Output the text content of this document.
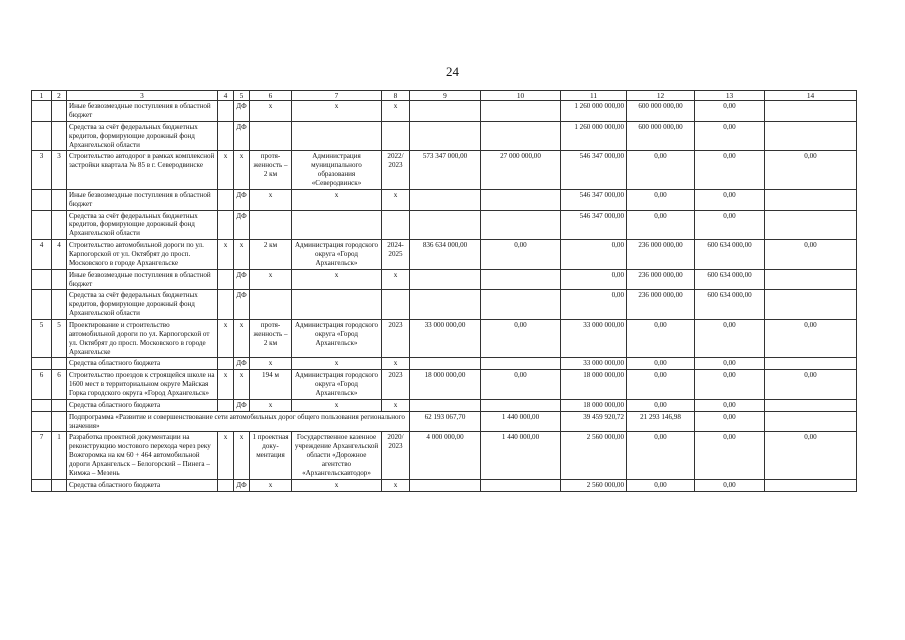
24
1	2	3	4	5	6	7	8	9	10	11	12	13	14
		Иные безвозмездные поступления в областной бюджет		ДФ	х	х	х			1 260 000 000,00	600 000 000,00	0,00	
		Средства за счёт федеральных бюджетных кредитов, формирующие дорожный фонд Архангельской области		ДФ						1 260 000 000,00	600 000 000,00	0,00	
3	3	Строительство автодорог в рамках комплексной застройки квартала № 85 в г. Северодвинске	х	х	протя-женность – 2 км	Администрация муниципального образования «Северодвинск»	2022/ 2023	573 347 000,00	27 000 000,00	546 347 000,00	0,00	0,00	0,00
		Иные безвозмездные поступления в областной бюджет		ДФ	х	х	х			546 347 000,00	0,00	0,00	
		Средства за счёт федеральных бюджетных кредитов, формирующие дорожный фонд Архангельской области		ДФ						546 347 000,00	0,00	0,00	
4	4	Строительство автомобильной дороги по ул. Карпогорской от ул. Октябрят до просп. Московского в городе Архангельске	х	х	2 км	Администрация городского округа «Город Архангельск»	2024-2025	836 634 000,00	0,00	0,00	236 000 000,00	600 634 000,00	0,00
		Иные безвозмездные поступления в областной бюджет		ДФ	х	х	х			0,00	236 000 000,00	600 634 000,00	
		Средства за счёт федеральных бюджетных кредитов, формирующие дорожный фонд Архангельской области		ДФ						0,00	236 000 000,00	600 634 000,00	
5	5	Проектирование и строительство автомобильной дороги по ул. Карпогорской от ул. Октябрят до просп. Московского в городе Архангельске	х	х	протя-женность – 2 км	Администрация городского округа «Город Архангельск»	2023	33 000 000,00	0,00	33 000 000,00	0,00	0,00	0,00
		Средства областного бюджета		ДФ	х	х	х			33 000 000,00	0,00	0,00	
6	6	Строительство проездов к строящейся школе на 1600 мест в территориальном округе Майская Горка городского округа «Город Архангельск»	х	х	194 м	Администрация городского округа «Город Архангельск»	2023	18 000 000,00	0,00	18 000 000,00	0,00	0,00	0,00
		Средства областного бюджета		ДФ	х	х	х			18 000 000,00	0,00	0,00	
		Подпрограмма «Развитие и совершенствование сети автомобильных дорог общего пользования регионального значения»						62 193 067,70	1 440 000,00	39 459 920,72	21 293 146,98	0,00	
7	1	Разработка проектной документации на реконструкцию мостового перехода через реку Вожгоромка на км 60 + 464 автомобильной дороги Архангельск – Белогорский – Пинега – Кимжа – Мезень	х	х	1 проектная доку-ментация	Государственное казенное учреждение Архангельской области «Дорожное агентство «Архангельскавтодор»	2020/ 2023	4 000 000,00	1 440 000,00	2 560 000,00	0,00	0,00	0,00
		Средства областного бюджета		ДФ	х	х	х			2 560 000,00	0,00	0,00	
